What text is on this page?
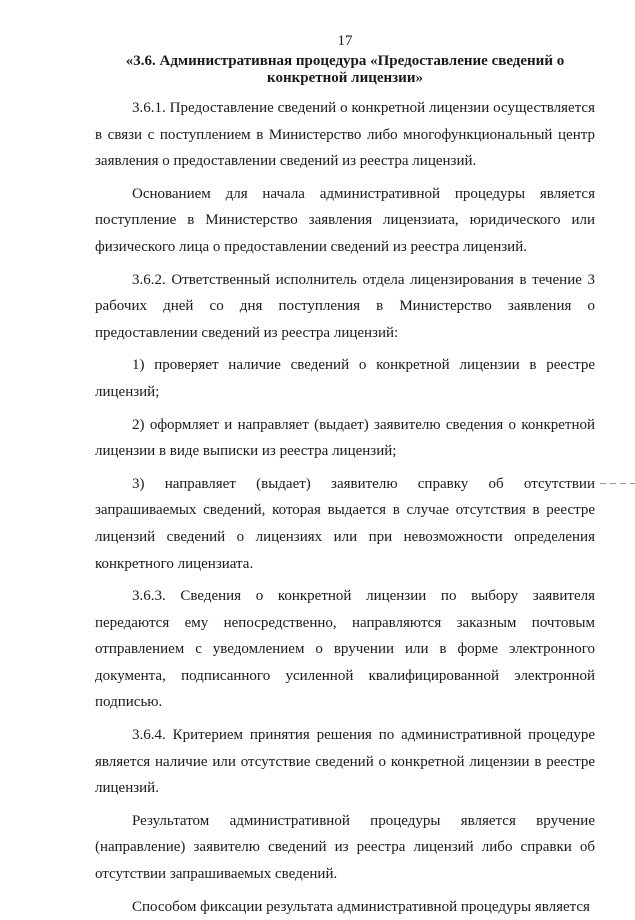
17
«3.6. Административная процедура «Предоставление сведений о конкретной лицензии»

3.6.1. Предоставление сведений о конкретной лицензии осуществляется в связи с поступлением в Министерство либо многофункциональный центр заявления о предоставлении сведений из реестра лицензий.

Основанием для начала административной процедуры является поступление в Министерство заявления лицензиата, юридического или физического лица о предоставлении сведений из реестра лицензий.

3.6.2. Ответственный исполнитель отдела лицензирования в течение 3 рабочих дней со дня поступления в Министерство заявления о предоставлении сведений из реестра лицензий:

1) проверяет наличие сведений о конкретной лицензии в реестре лицензий;

2) оформляет и направляет (выдает) заявителю сведения о конкретной лицензии в виде выписки из реестра лицензий;

3) направляет (выдает) заявителю справку об отсутствии запрашиваемых сведений, которая выдается в случае отсутствия в реестре лицензий сведений о лицензиях или при невозможности определения конкретного лицензиата.

3.6.3. Сведения о конкретной лицензии по выбору заявителя передаются ему непосредственно, направляются заказным почтовым отправлением с уведомлением о вручении или в форме электронного документа, подписанного усиленной квалифицированной электронной подписью.

3.6.4. Критерием принятия решения по административной процедуре является наличие или отсутствие сведений о конкретной лицензии в реестре лицензий.

Результатом административной процедуры является вручение (направление) заявителю сведений из реестра лицензий либо справки об отсутствии запрашиваемых сведений.

Способом фиксации результата административной процедуры является
